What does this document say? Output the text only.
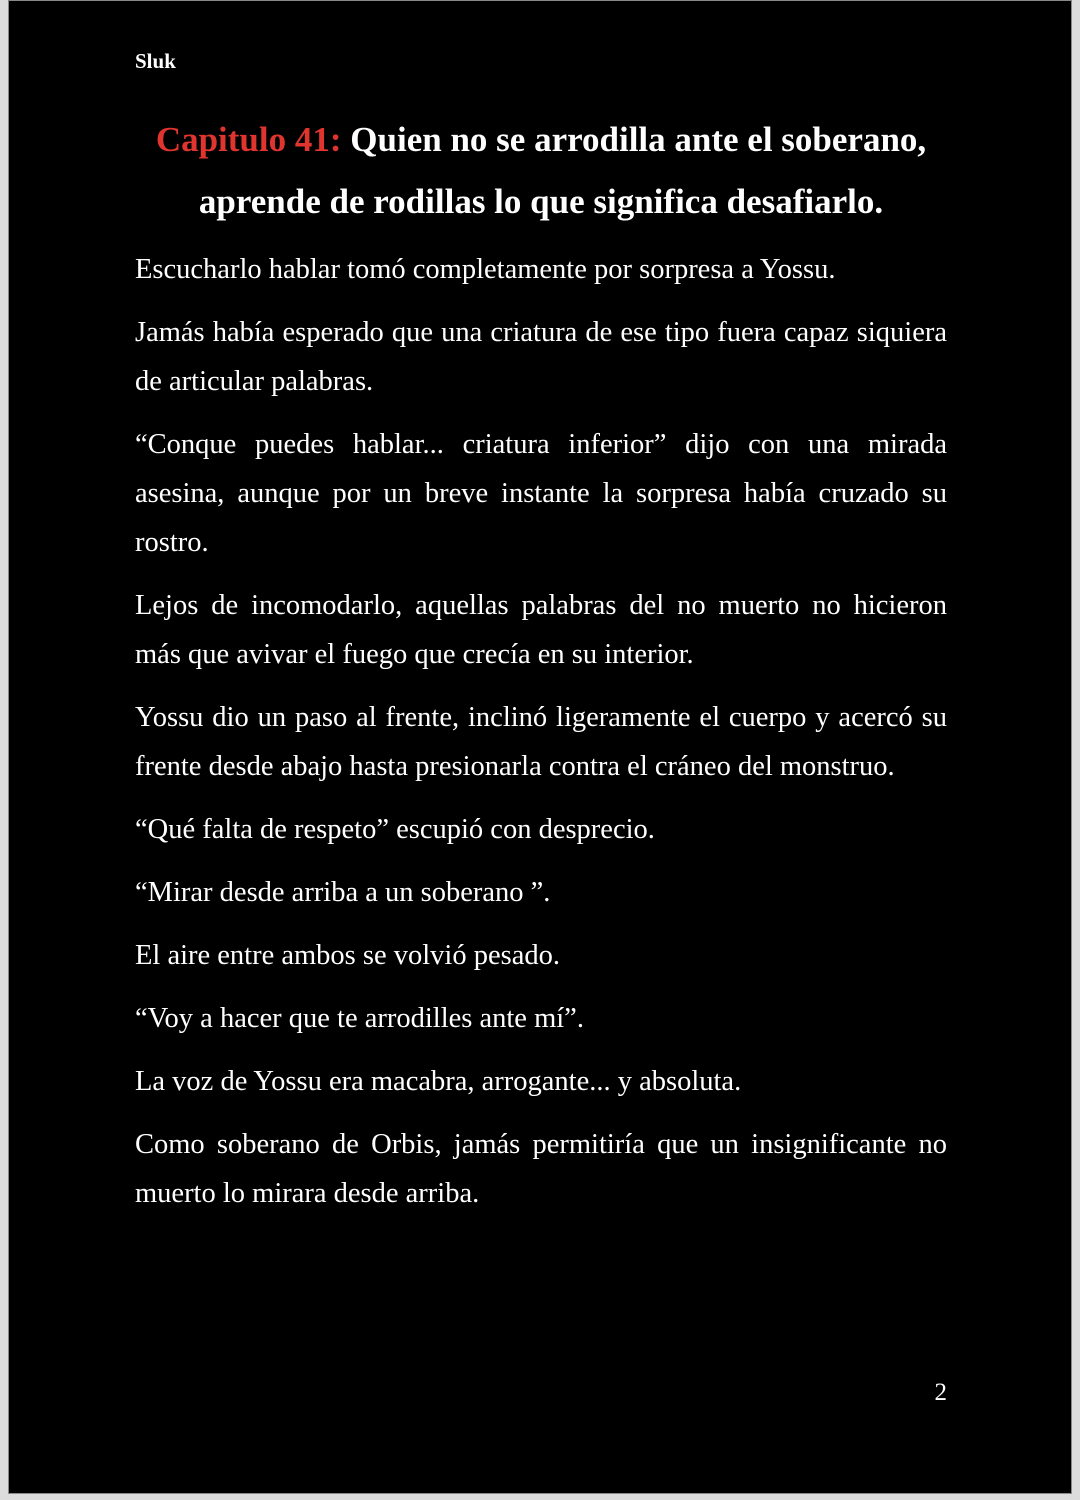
Sluk
Capitulo 41: Quien no se arrodilla ante el soberano, aprende de rodillas lo que significa desafiarlo.

Escucharlo hablar tomó completamente por sorpresa a Yossu.

Jamás había esperado que una criatura de ese tipo fuera capaz siquiera de articular palabras.

“Conque puedes hablar... criatura inferior” dijo con una mirada asesina, aunque por un breve instante la sorpresa había cruzado su rostro.

Lejos de incomodarlo, aquellas palabras del no muerto no hicieron más que avivar el fuego que crecía en su interior.

Yossu dio un paso al frente, inclinó ligeramente el cuerpo y acercó su frente desde abajo hasta presionarla contra el cráneo del monstruo.

“Qué falta de respeto” escupió con desprecio.

“Mirar desde arriba a un soberano ”.

El aire entre ambos se volvió pesado.

“Voy a hacer que te arrodilles ante mí”.

La voz de Yossu era macabra, arrogante... y absoluta.

Como soberano de Orbis, jamás permitiría que un insignificante no muerto lo mirara desde arriba.

2
